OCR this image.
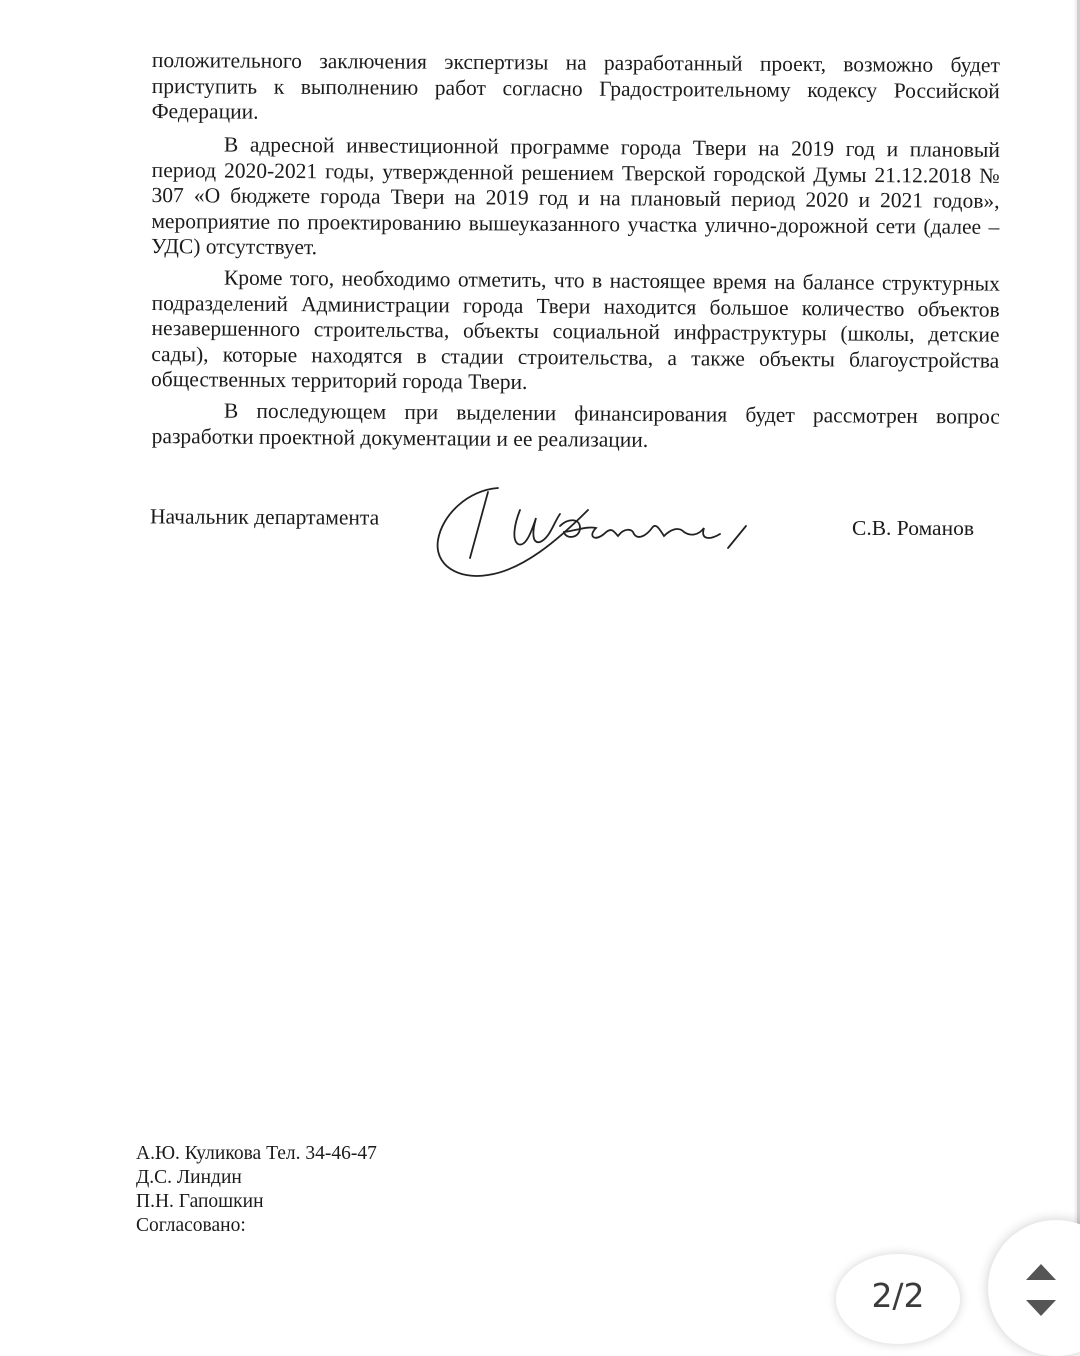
положительного заключения экспертизы на разработанный проект, возможно будет приступить к выполнению работ согласно Градостроительному кодексу Российской Федерации.

В адресной инвестиционной программе города Твери на 2019 год и плановый период 2020-2021 годы, утвержденной решением Тверской городской Думы 21.12.2018 № 307 «О бюджете города Твери на 2019 год и на плановый период 2020 и 2021 годов», мероприятие по проектированию вышеуказанного участка улично-дорожной сети (далее – УДС) отсутствует.

Кроме того, необходимо отметить, что в настоящее время на балансе структурных подразделений Администрации города Твери находится большое количество объектов незавершенного строительства, объекты социальной инфраструктуры (школы, детские сады), которые находятся в стадии строительства, а также объекты благоустройства общественных территорий города Твери.

В последующем при выделении финансирования будет рассмотрен вопрос разработки проектной документации и ее реализации.

Начальник департамента	С.В. Романов
А.Ю. Куликова Тел. 34-46-47
Д.С. Линдин
П.Н. Гапошкин
Согласовано:
2/2
